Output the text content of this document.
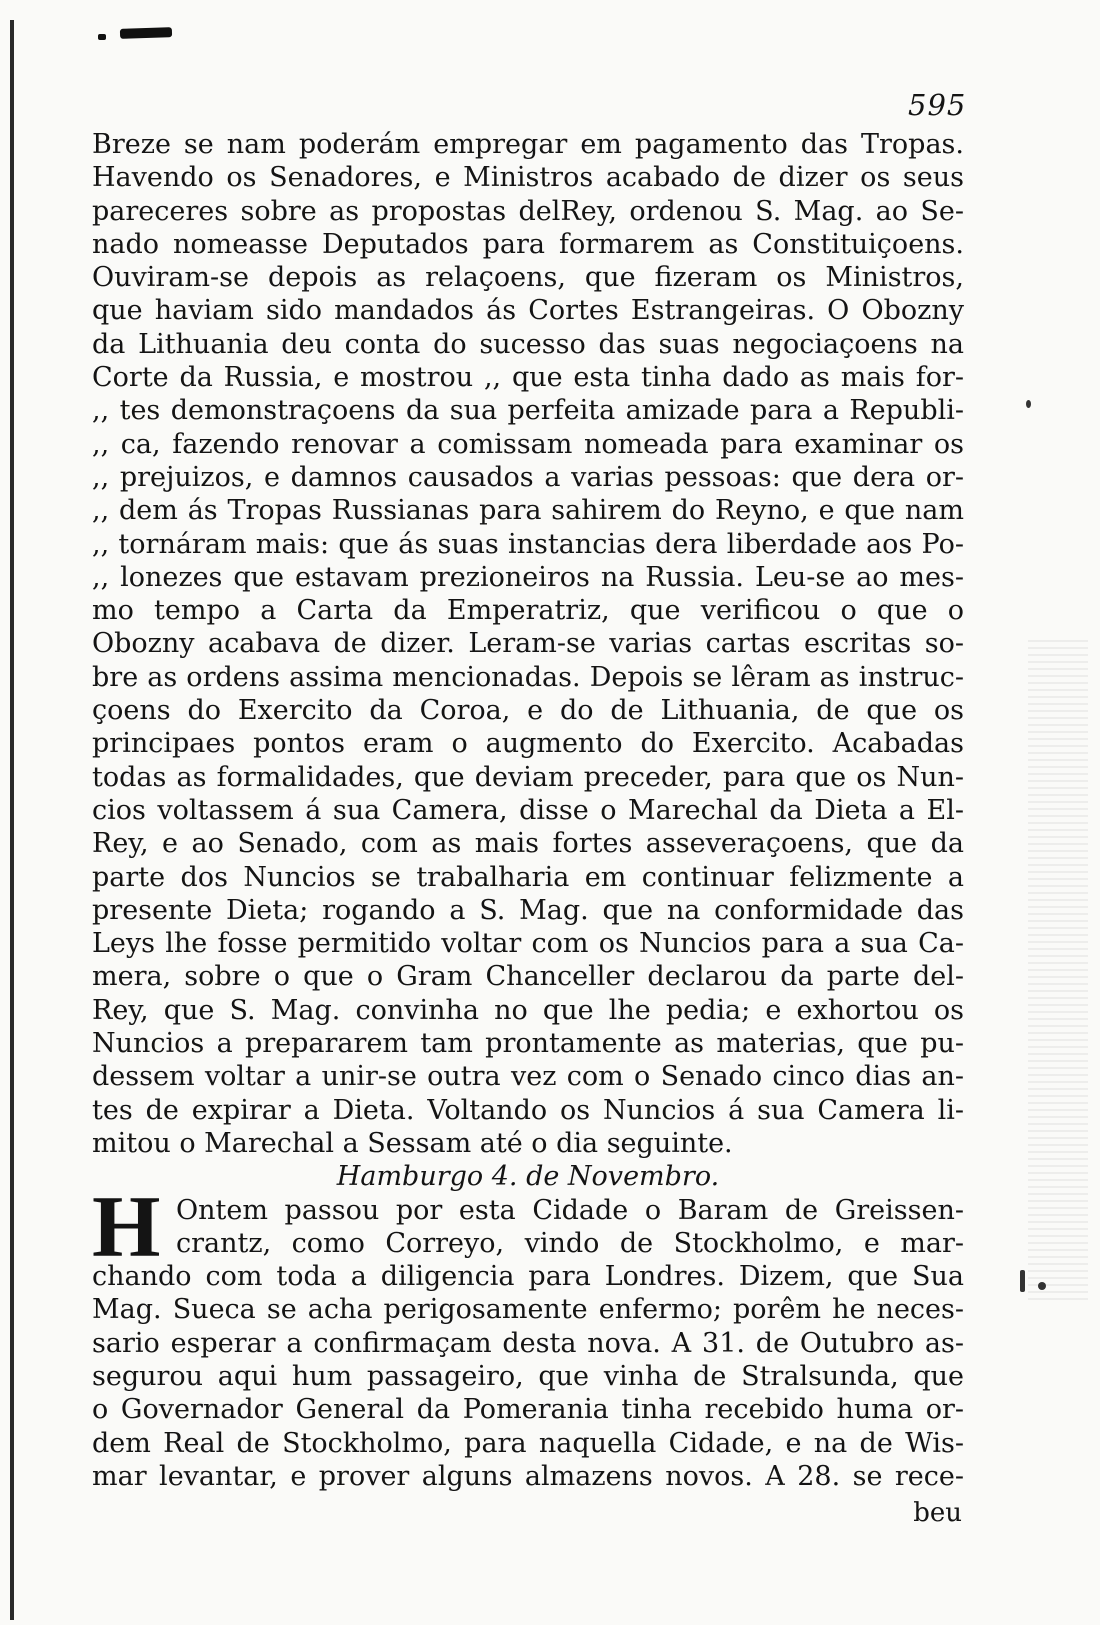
595
Breze se nam poderám empregar em pagamento das Tropas.
Havendo os Senadores, e Ministros acabado de dizer os seus
pareceres sobre as propostas delRey, ordenou S. Mag. ao Se-
nado nomeasse Deputados para formarem as Constituiçoens.
Ouviram-se depois as relaçoens, que fizeram os Ministros,
que haviam sido mandados ás Cortes Estrangeiras. O Obozny
da Lithuania deu conta do sucesso das suas negociaçoens na
Corte da Russia, e mostrou ,, que esta tinha dado as mais for-
,, tes demonstraçoens da sua perfeita amizade para a Republi-
,, ca, fazendo renovar a comissam nomeada para examinar os
,, prejuizos, e damnos causados a varias pessoas: que dera or-
,, dem ás Tropas Russianas para sahirem do Reyno, e que nam
,, tornáram mais: que ás suas instancias dera liberdade aos Po-
,, lonezes que estavam prezioneiros na Russia. Leu-se ao mes-
mo tempo a Carta da Emperatriz, que verificou o que o
Obozny acabava de dizer. Leram-se varias cartas escritas so-
bre as ordens assima mencionadas. Depois se lêram as instruc-
çoens do Exercito da Coroa, e do de Lithuania, de que os
principaes pontos eram o augmento do Exercito. Acabadas
todas as formalidades, que deviam preceder, para que os Nun-
cios voltassem á sua Camera, disse o Marechal da Dieta a El-
Rey, e ao Senado, com as mais fortes asseveraçoens, que da
parte dos Nuncios se trabalharia em continuar felizmente a
presente Dieta; rogando a S. Mag. que na conformidade das
Leys lhe fosse permitido voltar com os Nuncios para a sua Ca-
mera, sobre o que o Gram Chanceller declarou da parte del-
Rey, que S. Mag. convinha no que lhe pedia; e exhortou os
Nuncios a prepararem tam prontamente as materias, que pu-
dessem voltar a unir-se outra vez com o Senado cinco dias an-
tes de expirar a Dieta. Voltando os Nuncios á sua Camera li-
mitou o Marechal a Sessam até o dia seguinte.
Hamburgo 4. de Novembro.
H Ontem passou por esta Cidade o Baram de Greissen-
crantz, como Correyo, vindo de Stockholmo, e mar-
chando com toda a diligencia para Londres. Dizem, que Sua
Mag. Sueca se acha perigosamente enfermo; porêm he neces-
sario esperar a confirmaçam desta nova. A 31. de Outubro as-
segurou aqui hum passageiro, que vinha de Stralsunda, que
o Governador General da Pomerania tinha recebido huma or-
dem Real de Stockholmo, para naquella Cidade, e na de Wis-
mar levantar, e prover alguns almazens novos. A 28. se rece-
beu
